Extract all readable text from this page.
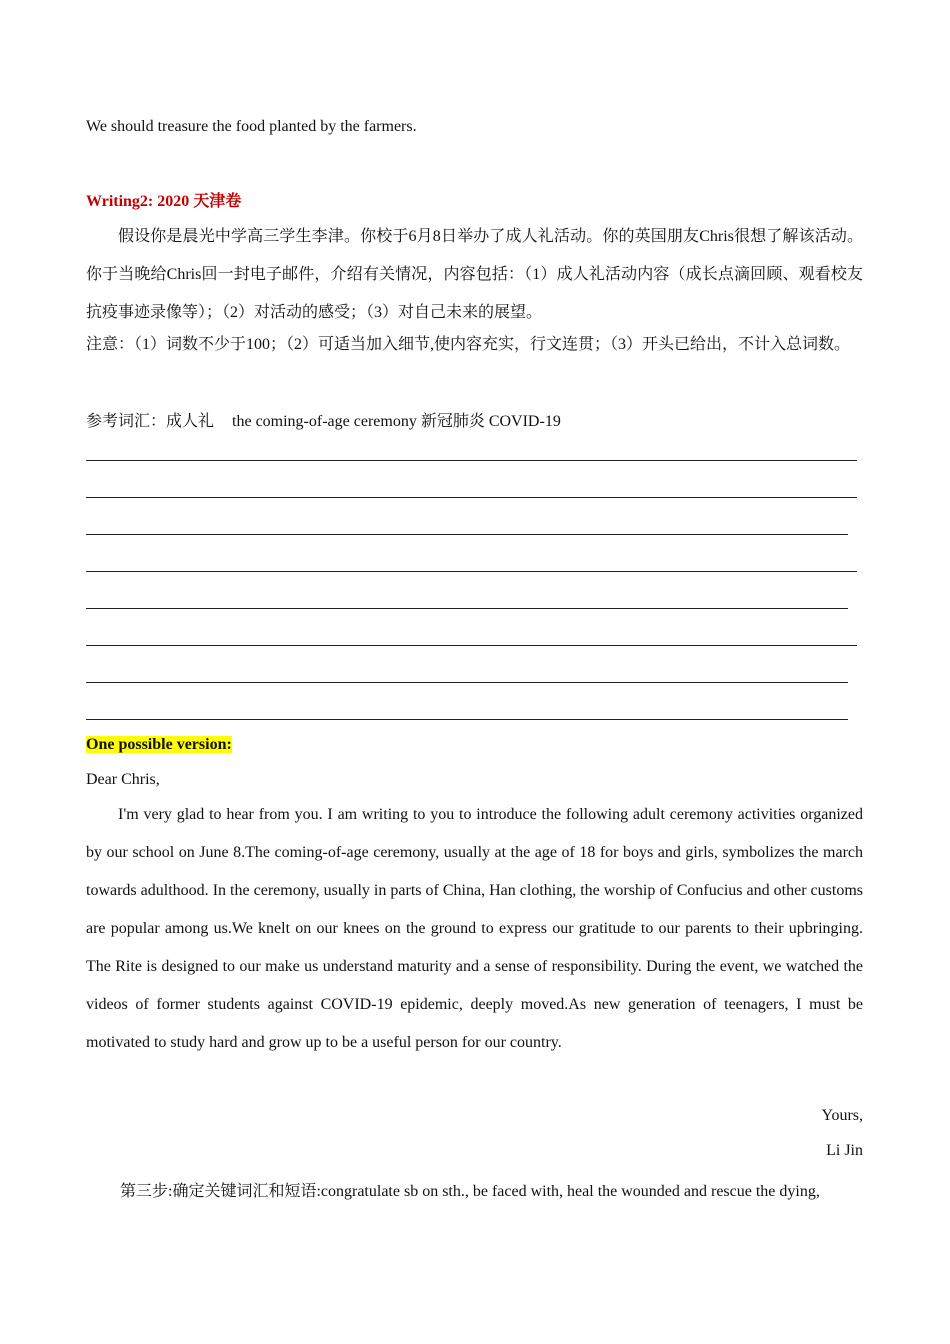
We should treasure the food planted by the farmers.
Writing2: 2020 天津卷
假设你是晨光中学高三学生李津。你校于6月8日举办了成人礼活动。你的英国朋友Chris很想了解该活动。你于当晚给Chris回一封电子邮件，介绍有关情况，内容包括：（1）成人礼活动内容（成长点滴回顾、观看校友抗疫事迹录像等）；（2）对活动的感受；（3）对自己未来的展望。
注意：（1）词数不少于100；（2）可适当加入细节,使内容充实，行文连贯；（3）开头已给出，不计入总词数。
参考词汇：成人礼 the coming-of-age ceremony 新冠肺炎 COVID-19
One possible version:
Dear Chris,
I'm very glad to hear from you. I am writing to you to introduce the following adult ceremony activities organized by our school on June 8.The coming-of-age ceremony, usually at the age of 18 for boys and girls, symbolizes the march towards adulthood. In the ceremony, usually in parts of China, Han clothing, the worship of Confucius and other customs are popular among us.We knelt on our knees on the ground to express our gratitude to our parents to their upbringing. The Rite is designed to our make us understand maturity and a sense of responsibility. During the event, we watched the videos of former students against COVID-19 epidemic, deeply moved.As new generation of teenagers, I must be motivated to study hard and grow up to be a useful person for our country.
Yours,
Li Jin
第三步:确定关键词汇和短语:congratulate sb on sth., be faced with, heal the wounded and rescue the dying,
